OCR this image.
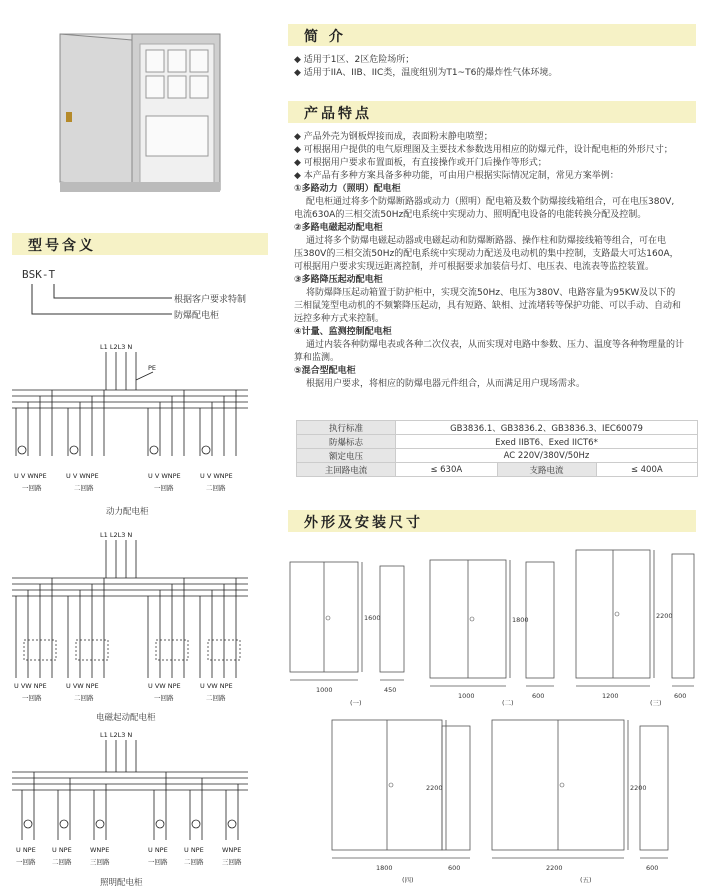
简 介
产品特点
外形及安装尺寸
型号含义
◆ 适用于1区、2区危险场所；
◆ 适用于IIA、IIB、IIC类，温度组别为T1~T6的爆炸性气体环境。
◆ 产品外壳为钢板焊接而成，表面粉末静电喷塑；
◆ 可根据用户提供的电气原理图及主要技术参数选用相应的防爆元件，设计配电柜的外形尺寸；
◆ 可根据用户要求布置面板，有直接操作或开门后操作等形式；
◆ 本产品有多种方案具备多种功能，可由用户根据实际情况定制，常见方案举例：
①多路动力（照明）配电柜
配电柜通过将多个防爆断路器或动力（照明）配电箱及数个防爆接线箱组合，可在电压380V,
电流630A的三相交流50Hz配电系统中实现动力、照明配电设备的电能转换分配及控制。
②多路电磁起动配电柜
通过将多个防爆电磁起动器或电磁起动和防爆断路器、操作柱和防爆接线箱等组合，可在电
压380V的三相交流50Hz的配电系统中实现动力配送及电动机的集中控制，支路最大可达160A，
可根据用户要求实现远距离控制，并可根据要求加装信号灯、电压表、电流表等监控装置。
③多路降压起动配电柜
将防爆降压起动箱置于防护柜中，实现交流50Hz、电压为380V、电路容量为95KW及以下的
三相鼠笼型电动机的不频繁降压起动，具有短路、缺相、过流堵转等保护功能、可以手动、自动和
远控多种方式来控制。
④计量、监测控制配电柜
通过内装各种防爆电表或各种二次仪表，从而实现对电路中参数、压力、温度等各种物理量的计
算和监测。
⑤混合型配电柜
根据用户要求，将相应的防爆电器元件组合，从而满足用户现场需求。
执行标准	GB3836.1、GB3836.2、GB3836.3、IEC60079		
防爆标志	Exed IIBT6、Exed IICT6*		
额定电压	AC 220V/380V/50Hz		
主回路电流	≤ 630A	支路电流	≤ 400A
BSK-T
根据客户要求特制
防爆配电柜
L1 L2L3 N
PE
U V WNPE	U V WNPE	U V WNPE	U V WNPE
一回路	二回路	一回路	二回路
动力配电柜
L1 L2L3 N
U VW NPE	U VW NPE	U VW NPE	U VW NPE
一回路	二回路	一回路	二回路
电磁起动配电柜
L1 L2L3 N
U NPE	U NPE	WNPE	U NPE	U NPE	WNPE
一回路	二回路	三回路	一回路	二回路	三回路
照明配电柜
1000
1600
450
(一)
1000
1800
600
(二)
1200
2200
600
(三)
1800
2200
600
(四)
2200
2200
600
(五)
